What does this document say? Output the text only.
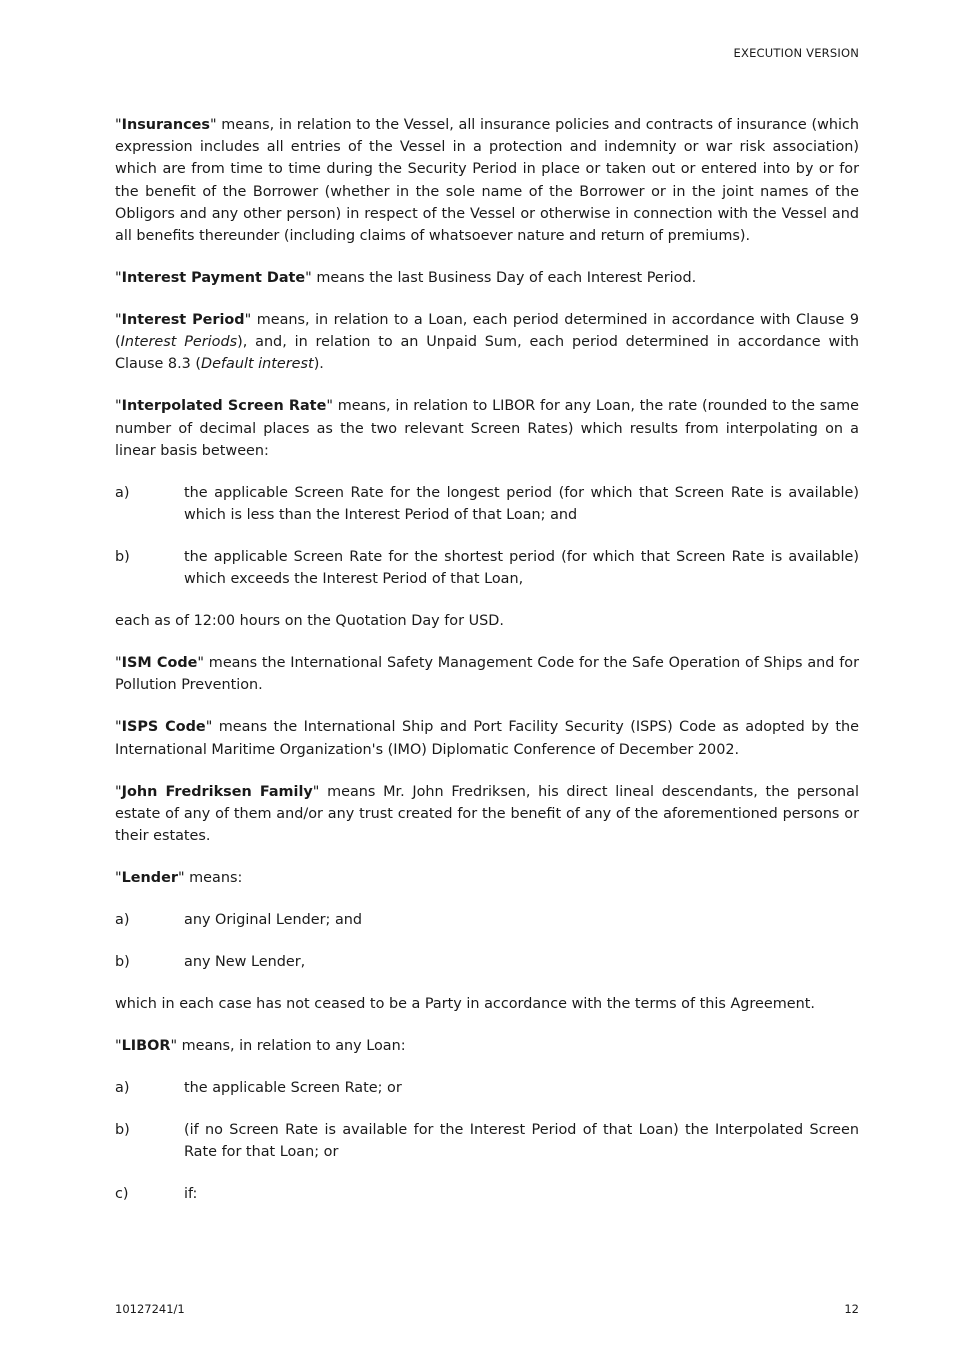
EXECUTION VERSION

"Insurances" means, in relation to the Vessel, all insurance policies and contracts of insurance (which expression includes all entries of the Vessel in a protection and indemnity or war risk association) which are from time to time during the Security Period in place or taken out or entered into by or for the benefit of the Borrower (whether in the sole name of the Borrower or in the joint names of the Obligors and any other person) in respect of the Vessel or otherwise in connection with the Vessel and all benefits thereunder (including claims of whatsoever nature and return of premiums).

"Interest Payment Date" means the last Business Day of each Interest Period.

"Interest Period" means, in relation to a Loan, each period determined in accordance with Clause 9 (Interest Periods), and, in relation to an Unpaid Sum, each period determined in accordance with Clause 8.3 (Default interest).

"Interpolated Screen Rate" means, in relation to LIBOR for any Loan, the rate (rounded to the same number of decimal places as the two relevant Screen Rates) which results from interpolating on a linear basis between:

a)	the applicable Screen Rate for the longest period (for which that Screen Rate is available) which is less than the Interest Period of that Loan; and
b)	the applicable Screen Rate for the shortest period (for which that Screen Rate is available) which exceeds the Interest Period of that Loan,

each as of 12:00 hours on the Quotation Day for USD.

"ISM Code" means the International Safety Management Code for the Safe Operation of Ships and for Pollution Prevention.

"ISPS Code" means the International Ship and Port Facility Security (ISPS) Code as adopted by the International Maritime Organization's (IMO) Diplomatic Conference of December 2002.

"John Fredriksen Family" means Mr. John Fredriksen, his direct lineal descendants, the personal estate of any of them and/or any trust created for the benefit of any of the aforementioned persons or their estates.

"Lender" means:

a)	any Original Lender; and
b)	any New Lender,

which in each case has not ceased to be a Party in accordance with the terms of this Agreement.

"LIBOR" means, in relation to any Loan:

a)	the applicable Screen Rate; or
b)	(if no Screen Rate is available for the Interest Period of that Loan) the Interpolated Screen Rate for that Loan; or
c)	if:
10127241/1	12
